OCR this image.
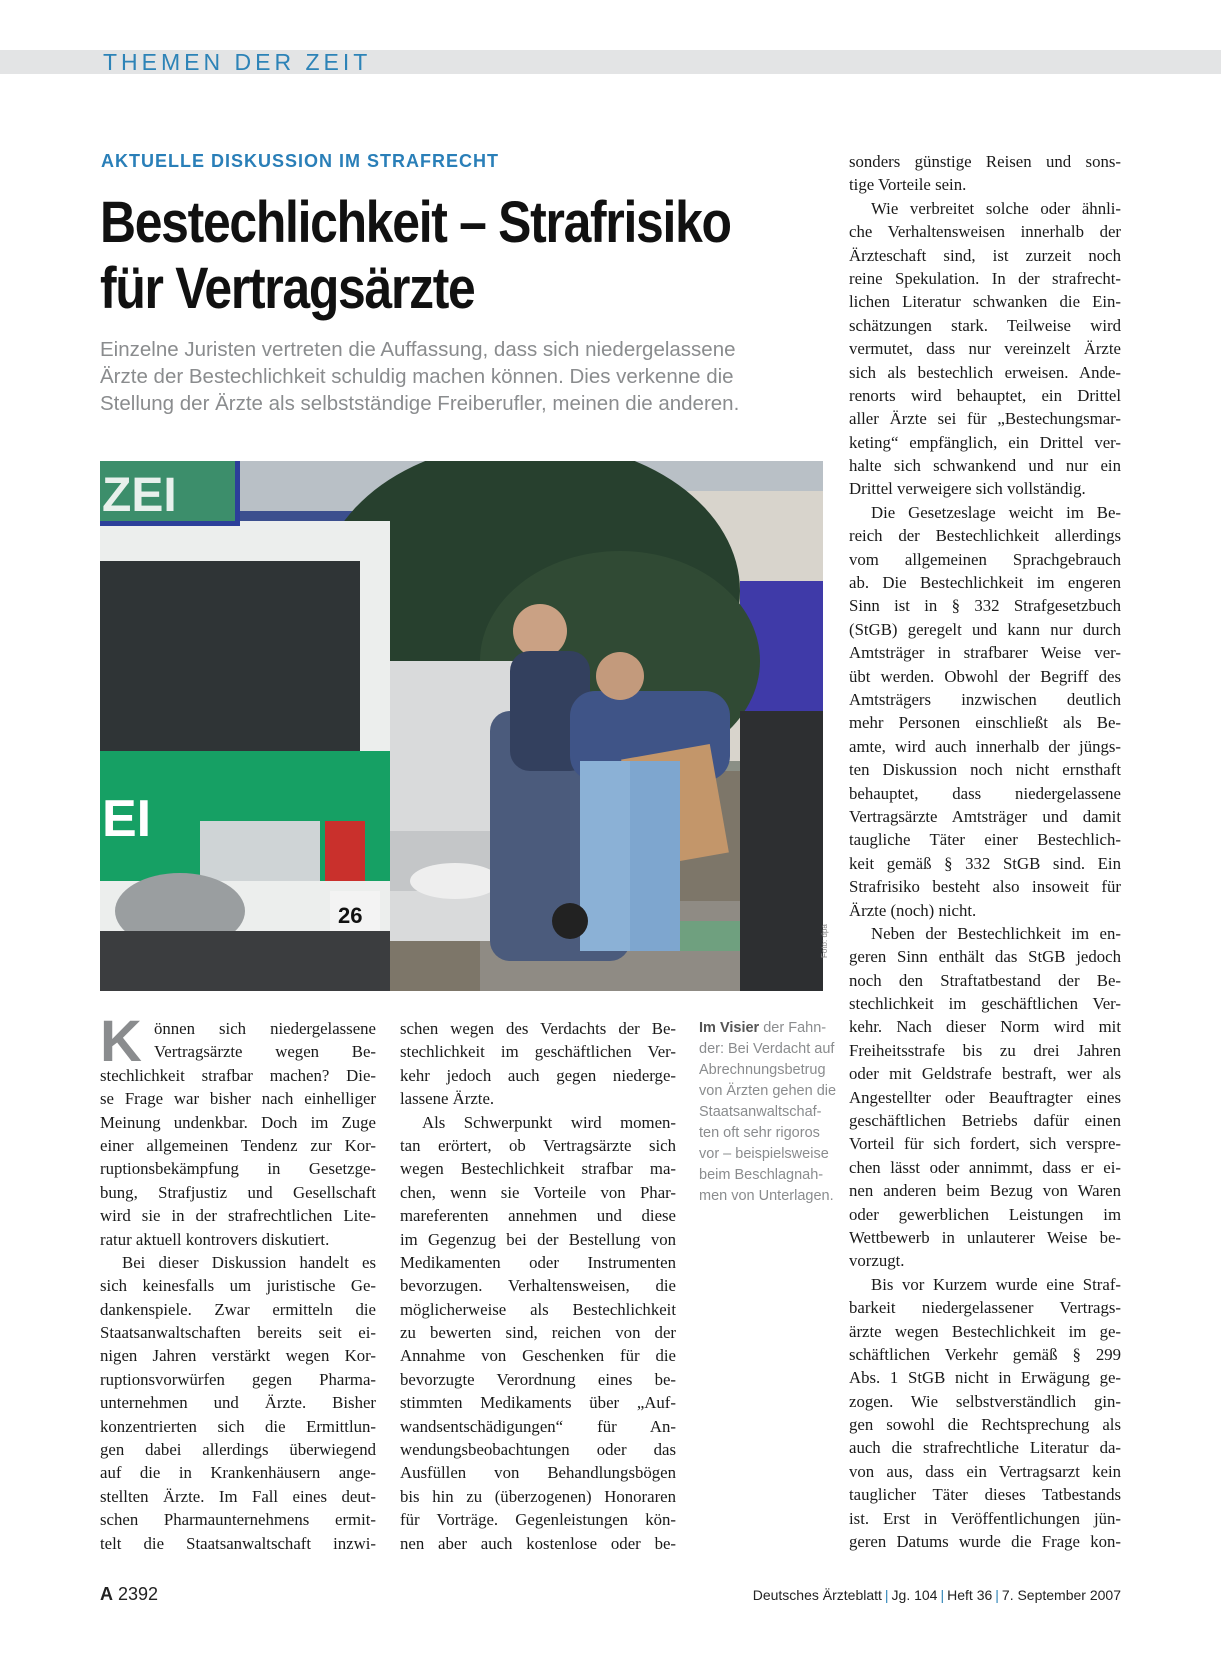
THEMEN DER ZEIT
AKTUELLE DISKUSSION IM STRAFRECHT
Bestechlichkeit – Strafrisiko
für Vertragsärzte

Einzelne Juristen vertreten die Auffassung, dass sich niedergelassene
Ärzte der Bestechlichkeit schuldig machen können. Dies verkenne die
Stellung der Ärzte als selbstständige Freiberufler, meinen die anderen.

ZEI
EI
26
Foto: dpa
K önnen sich niedergelassene
Vertragsärzte wegen Be-
stechlichkeit strafbar machen? Die-
se Frage war bisher nach einhelliger
Meinung undenkbar. Doch im Zuge
einer allgemeinen Tendenz zur Kor-
ruptionsbekämpfung in Gesetzge-
bung, Strafjustiz und Gesellschaft
wird sie in der strafrechtlichen Lite-
ratur aktuell kontrovers diskutiert.
Bei dieser Diskussion handelt es
sich keinesfalls um juristische Ge-
dankenspiele. Zwar ermitteln die
Staatsanwaltschaften bereits seit ei-
nigen Jahren verstärkt wegen Kor-
ruptionsvorwürfen gegen Pharma-
unternehmen und Ärzte. Bisher
konzentrierten sich die Ermittlun-
gen dabei allerdings überwiegend
auf die in Krankenhäusern ange-
stellten Ärzte. Im Fall eines deut-
schen Pharmaunternehmens ermit-
telt die Staatsanwaltschaft inzwi-
schen wegen des Verdachts der Be-
stechlichkeit im geschäftlichen Ver-
kehr jedoch auch gegen niederge-
lassene Ärzte.
Als Schwerpunkt wird momen-
tan erörtert, ob Vertragsärzte sich
wegen Bestechlichkeit strafbar ma-
chen, wenn sie Vorteile von Phar-
mareferenten annehmen und diese
im Gegenzug bei der Bestellung von
Medikamenten oder Instrumenten
bevorzugen. Verhaltensweisen, die
möglicherweise als Bestechlichkeit
zu bewerten sind, reichen von der
Annahme von Geschenken für die
bevorzugte Verordnung eines be-
stimmten Medikaments über „Auf-
wandsentschädigungen“ für An-
wendungsbeobachtungen oder das
Ausfüllen von Behandlungsbögen
bis hin zu (überzogenen) Honoraren
für Vorträge. Gegenleistungen kön-
nen aber auch kostenlose oder be-
Im Visier der Fahn-
der: Bei Verdacht auf
Abrechnungsbetrug
von Ärzten gehen die
Staatsanwaltschaf-
ten oft sehr rigoros
vor – beispielsweise
beim Beschlagnah-
men von Unterlagen.
sonders günstige Reisen und sons-
tige Vorteile sein.
Wie verbreitet solche oder ähnli-
che Verhaltensweisen innerhalb der
Ärzteschaft sind, ist zurzeit noch
reine Spekulation. In der strafrecht-
lichen Literatur schwanken die Ein-
schätzungen stark. Teilweise wird
vermutet, dass nur vereinzelt Ärzte
sich als bestechlich erweisen. Ande-
renorts wird behauptet, ein Drittel
aller Ärzte sei für „Bestechungsmar-
keting“ empfänglich, ein Drittel ver-
halte sich schwankend und nur ein
Drittel verweigere sich vollständig.
Die Gesetzeslage weicht im Be-
reich der Bestechlichkeit allerdings
vom allgemeinen Sprachgebrauch
ab. Die Bestechlichkeit im engeren
Sinn ist in § 332 Strafgesetzbuch
(StGB) geregelt und kann nur durch
Amtsträger in strafbarer Weise ver-
übt werden. Obwohl der Begriff des
Amtsträgers inzwischen deutlich
mehr Personen einschließt als Be-
amte, wird auch innerhalb der jüngs-
ten Diskussion noch nicht ernsthaft
behauptet, dass niedergelassene
Vertragsärzte Amtsträger und damit
taugliche Täter einer Bestechlich-
keit gemäß § 332 StGB sind. Ein
Strafrisiko besteht also insoweit für
Ärzte (noch) nicht.
Neben der Bestechlichkeit im en-
geren Sinn enthält das StGB jedoch
noch den Straftatbestand der Be-
stechlichkeit im geschäftlichen Ver-
kehr. Nach dieser Norm wird mit
Freiheitsstrafe bis zu drei Jahren
oder mit Geldstrafe bestraft, wer als
Angestellter oder Beauftragter eines
geschäftlichen Betriebs dafür einen
Vorteil für sich fordert, sich verspre-
chen lässt oder annimmt, dass er ei-
nen anderen beim Bezug von Waren
oder gewerblichen Leistungen im
Wettbewerb in unlauterer Weise be-
vorzugt.
Bis vor Kurzem wurde eine Straf-
barkeit niedergelassener Vertrags-
ärzte wegen Bestechlichkeit im ge-
schäftlichen Verkehr gemäß § 299
Abs. 1 StGB nicht in Erwägung ge-
zogen. Wie selbstverständlich gin-
gen sowohl die Rechtsprechung als
auch die strafrechtliche Literatur da-
von aus, dass ein Vertragsarzt kein
tauglicher Täter dieses Tatbestands
ist. Erst in Veröffentlichungen jün-
geren Datums wurde die Frage kon-
A 2392	Deutsches Ärzteblatt | Jg. 104 | Heft 36 | 7. September 2007
